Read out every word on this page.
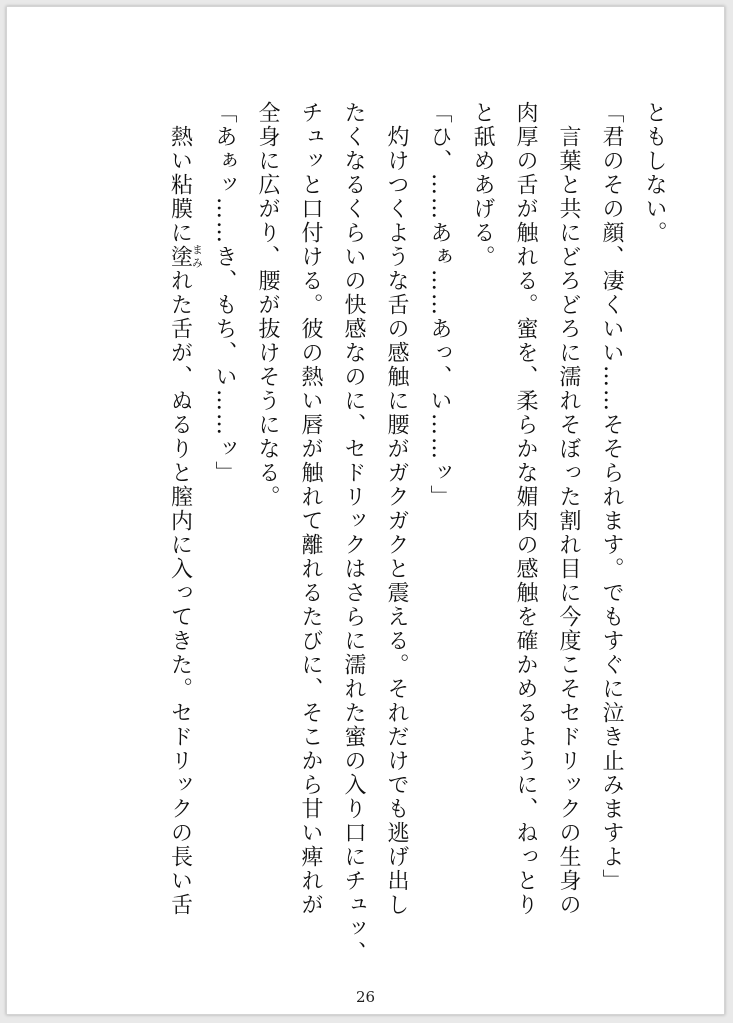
ともしない。
「君のその顔、凄くいい……そそられます。でもすぐに泣き止みますよ」
　言葉と共にどろどろに濡れそぼった割れ目に今度こそセドリックの生身の
肉厚の舌が触れる。蜜を、柔らかな媚肉の感触を確かめるように、ねっとり
と舐めあげる。
「ひ、……あぁ……あっ、い……ッ」
　灼けつくような舌の感触に腰がガクガクと震える。それだけでも逃げ出し
たくなるくらいの快感なのに、セドリックはさらに濡れた蜜の入り口にチュッ、
チュッと口付ける。彼の熱い唇が触れて離れるたびに、そこから甘い痺れが
全身に広がり、腰が抜けそうになる。
「あぁッ……き、もち、い……ッ」
　熱い粘膜に塗まみれた舌が、ぬるりと膣内に入ってきた。セドリックの長い舌
26
